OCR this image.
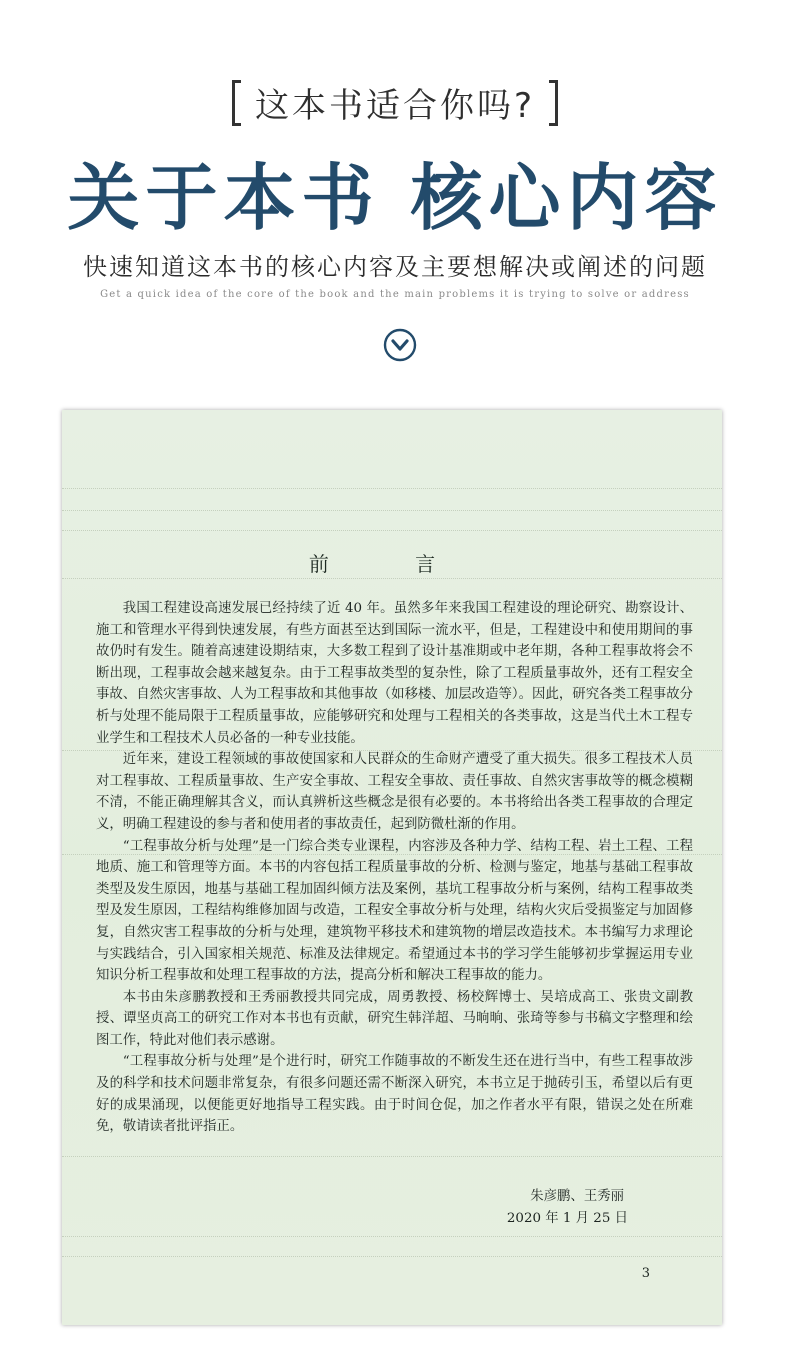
这本书适合你吗?
关于本书 核心内容
快速知道这本书的核心内容及主要想解决或阐述的问题
Get a quick idea of the core of the book and the main problems it is trying to solve or address
前 言

我国工程建设高速发展已经持续了近 40 年。虽然多年来我国工程建设的理论研究、勘察设计、施工和管理水平得到快速发展，有些方面甚至达到国际一流水平，但是，工程建设中和使用期间的事故仍时有发生。随着高速建设期结束，大多数工程到了设计基准期或中老年期，各种工程事故将会不断出现，工程事故会越来越复杂。由于工程事故类型的复杂性，除了工程质量事故外，还有工程安全事故、自然灾害事故、人为工程事故和其他事故（如移楼、加层改造等）。因此，研究各类工程事故分析与处理不能局限于工程质量事故，应能够研究和处理与工程相关的各类事故，这是当代土木工程专业学生和工程技术人员必备的一种专业技能。

近年来，建设工程领域的事故使国家和人民群众的生命财产遭受了重大损失。很多工程技术人员对工程事故、工程质量事故、生产安全事故、工程安全事故、责任事故、自然灾害事故等的概念模糊不清，不能正确理解其含义，而认真辨析这些概念是很有必要的。本书将给出各类工程事故的合理定义，明确工程建设的参与者和使用者的事故责任，起到防微杜渐的作用。

“工程事故分析与处理”是一门综合类专业课程，内容涉及各种力学、结构工程、岩土工程、工程地质、施工和管理等方面。本书的内容包括工程质量事故的分析、检测与鉴定，地基与基础工程事故类型及发生原因，地基与基础工程加固纠倾方法及案例，基坑工程事故分析与案例，结构工程事故类型及发生原因，工程结构维修加固与改造，工程安全事故分析与处理，结构火灾后受损鉴定与加固修复，自然灾害工程事故的分析与处理，建筑物平移技术和建筑物的增层改造技术。本书编写力求理论与实践结合，引入国家相关规范、标准及法律规定。希望通过本书的学习学生能够初步掌握运用专业知识分析工程事故和处理工程事故的方法，提高分析和解决工程事故的能力。

本书由朱彦鹏教授和王秀丽教授共同完成，周勇教授、杨校辉博士、吴培成高工、张贵文副教授、谭坚贞高工的研究工作对本书也有贡献，研究生韩洋超、马晌晌、张琦等参与书稿文字整理和绘图工作，特此对他们表示感谢。

“工程事故分析与处理”是个进行时，研究工作随事故的不断发生还在进行当中，有些工程事故涉及的科学和技术问题非常复杂，有很多问题还需不断深入研究，本书立足于抛砖引玉，希望以后有更好的成果涌现，以便能更好地指导工程实践。由于时间仓促，加之作者水平有限，错误之处在所难免，敬请读者批评指正。

朱彦鹏、王秀丽
2020 年 1 月 25 日
3
